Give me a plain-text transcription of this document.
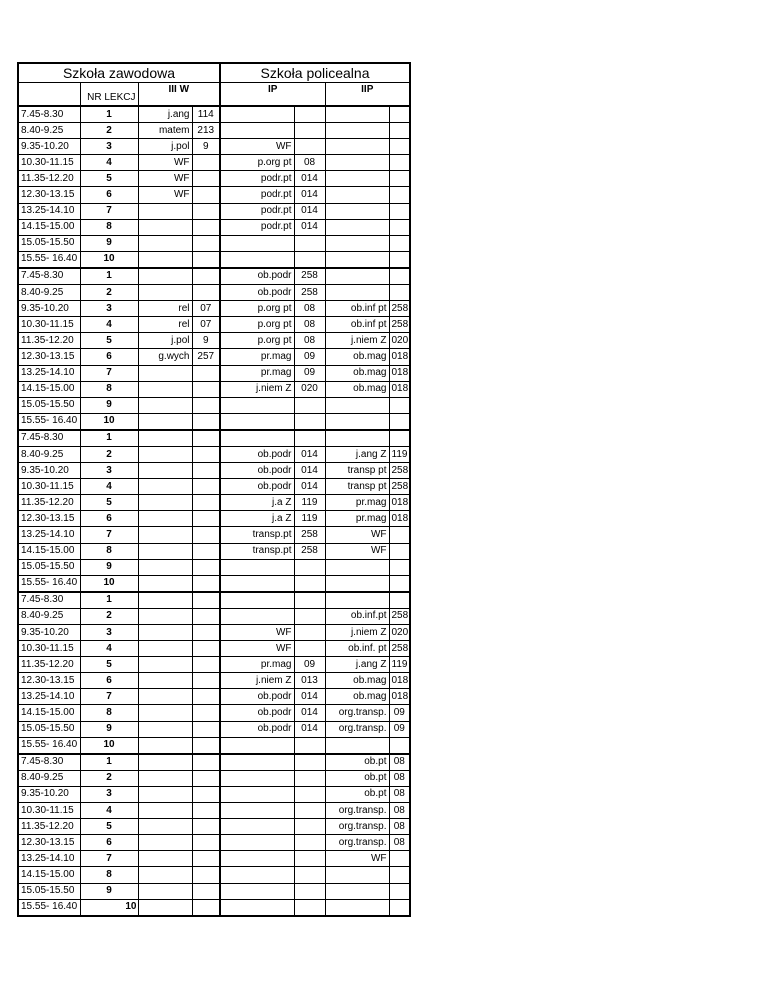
Szkoła zawodowa				Szkoła policealna			
	NR LEKCJ	III W		IP		IIP	
7.45-8.30	1	j.ang	114				
8.40-9.25	2	matem	213				
9.35-10.20	3	j.pol	9	WF			
10.30-11.15	4	WF		p.org pt	08		
11.35-12.20	5	WF		podr.pt	014		
12.30-13.15	6	WF		podr.pt	014		
13.25-14.10	7			podr.pt	014		
14.15-15.00	8			podr.pt	014		
15.05-15.50	9						
15.55- 16.40	10						
7.45-8.30	1			ob.podr	258		
8.40-9.25	2			ob.podr	258		
9.35-10.20	3	rel	07	p.org pt	08	ob.inf pt	258
10.30-11.15	4	rel	07	p.org pt	08	ob.inf pt	258
11.35-12.20	5	j.pol	9	p.org pt	08	j.niem Z	020
12.30-13.15	6	g.wych	257	pr.mag	09	ob.mag	018
13.25-14.10	7			pr.mag	09	ob.mag	018
14.15-15.00	8			j.niem Z	020	ob.mag	018
15.05-15.50	9						
15.55- 16.40	10						
7.45-8.30	1						
8.40-9.25	2			ob.podr	014	j.ang Z	119
9.35-10.20	3			ob.podr	014	transp pt	258
10.30-11.15	4			ob.podr	014	transp pt	258
11.35-12.20	5			j.a Z	119	pr.mag	018
12.30-13.15	6			j.a Z	119	pr.mag	018
13.25-14.10	7			transp.pt	258	WF	
14.15-15.00	8			transp.pt	258	WF	
15.05-15.50	9						
15.55- 16.40	10						
7.45-8.30	1						
8.40-9.25	2					ob.inf.pt	258
9.35-10.20	3			WF		j.niem Z	020
10.30-11.15	4			WF		ob.inf. pt	258
11.35-12.20	5			pr.mag	09	j.ang Z	119
12.30-13.15	6			j.niem Z	013	ob.mag	018
13.25-14.10	7			ob.podr	014	ob.mag	018
14.15-15.00	8			ob.podr	014	org.transp.	09
15.05-15.50	9			ob.podr	014	org.transp.	09
15.55- 16.40	10						
7.45-8.30	1					ob.pt	08
8.40-9.25	2					ob.pt	08
9.35-10.20	3					ob.pt	08
10.30-11.15	4					org.transp.	08
11.35-12.20	5					org.transp.	08
12.30-13.15	6					org.transp.	08
13.25-14.10	7					WF	
14.15-15.00	8						
15.05-15.50	9						
15.55- 16.40	10						
